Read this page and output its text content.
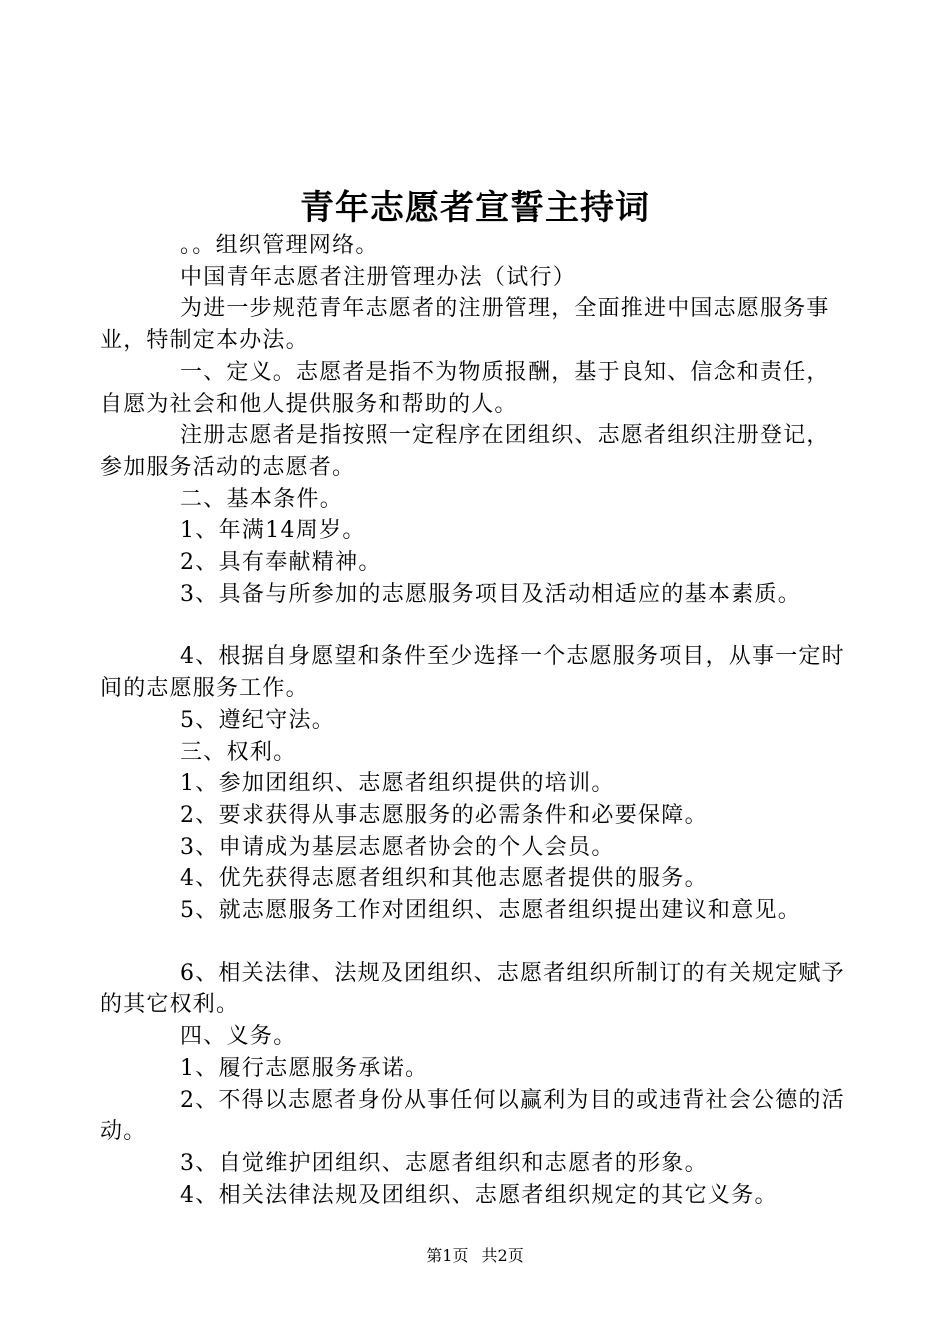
青年志愿者宣誓主持词

。。组织管理网络。

中国青年志愿者注册管理办法（试行）

为进一步规范青年志愿者的注册管理，全面推进中国志愿服务事业，特制定本办法。

一、定义。志愿者是指不为物质报酬，基于良知、信念和责任，自愿为社会和他人提供服务和帮助的人。

注册志愿者是指按照一定程序在团组织、志愿者组织注册登记，参加服务活动的志愿者。

二、基本条件。

1、年满14周岁。

2、具有奉献精神。

3、具备与所参加的志愿服务项目及活动相适应的基本素质。

4、根据自身愿望和条件至少选择一个志愿服务项目，从事一定时间的志愿服务工作。

5、遵纪守法。

三、权利。

1、参加团组织、志愿者组织提供的培训。

2、要求获得从事志愿服务的必需条件和必要保障。

3、申请成为基层志愿者协会的个人会员。

4、优先获得志愿者组织和其他志愿者提供的服务。

5、就志愿服务工作对团组织、志愿者组织提出建议和意见。

6、相关法律、法规及团组织、志愿者组织所制订的有关规定赋予的其它权利。

四、义务。

1、履行志愿服务承诺。

2、不得以志愿者身份从事任何以赢利为目的或违背社会公德的活动。

3、自觉维护团组织、志愿者组织和志愿者的形象。

4、相关法律法规及团组织、志愿者组织规定的其它义务。

第1页 共2页
